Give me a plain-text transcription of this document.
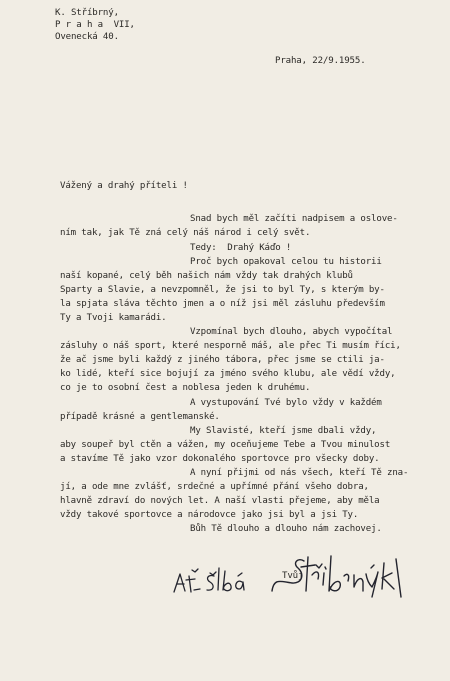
K. Stříbrný,
P r a h a  VII,
Ovenecká 40.
Praha, 22/9.1955.
Vážený a drahý příteli !
Snad bych měl začíti nadpisem a oslove-
ním tak, jak Tě zná celý náš národ i celý svět.
Tedy:  Drahý Káďo !
Proč bych opakoval celou tu historii
naší kopané, celý běh našich nám vždy tak drahých klubů
Sparty a Slavie, a nevzpomněl, že jsi to byl Ty, s kterým by-
la spjata sláva těchto jmen a o níž jsi měl zásluhu především
Ty a Tvoji kamarádi.
Vzpomínal bych dlouho, abych vypočítal
zásluhy o náš sport, které nesporně máš, ale přec Ti musím říci,
že ač jsme byli každý z jiného tábora, přec jsme se ctili ja-
ko lidé, kteří sice bojují za jméno svého klubu, ale vědí vždy,
co je to osobní čest a noblesa jeden k druhému.
A vystupování Tvé bylo vždy v každém
případě krásné a gentlemanské.
My Slavisté, kteří jsme dbali vždy,
aby soupeř byl ctěn a vážen, my oceňujeme Tebe a Tvou minulost
a stavíme Tě jako vzor dokonalého sportovce pro všecky doby.
A nyní přijmi od nás všech, kteří Tě zna-
jí, a ode mne zvlášť, srdečné a upřímné přání všeho dobra,
hlavně zdraví do nových let. A naší vlasti přejeme, aby měla
vždy takové sportovce a národovce jako jsi byl a jsi Ty.
Bůh Tě dlouho a dlouho nám zachovej.
Tvůj
